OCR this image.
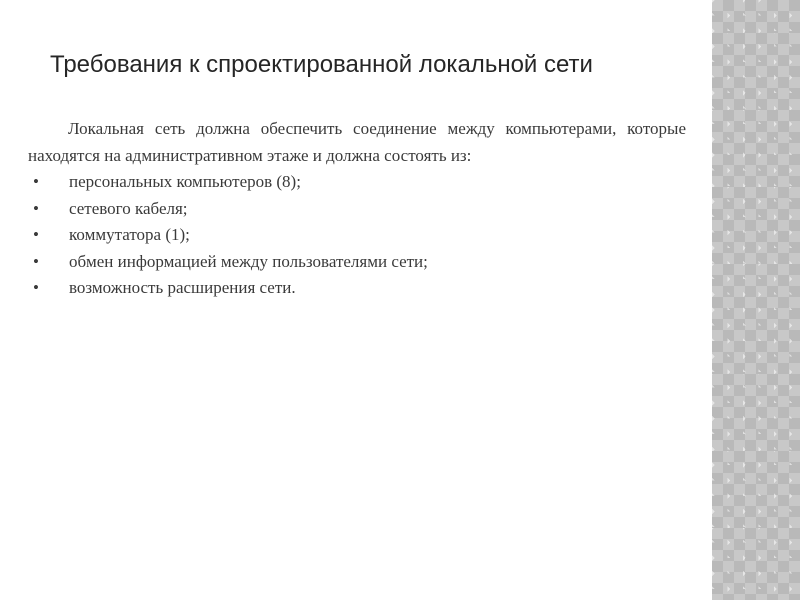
Требования к спроектированной локальной сети

Локальная сеть должна обеспечить соединение между компьютерами, которые находятся на административном этаже и должна состоять из:

• персональных компьютеров (8);
• сетевого кабеля;
• коммутатора (1);
• обмен информацией между пользователями сети;
• возможность расширения сети.
